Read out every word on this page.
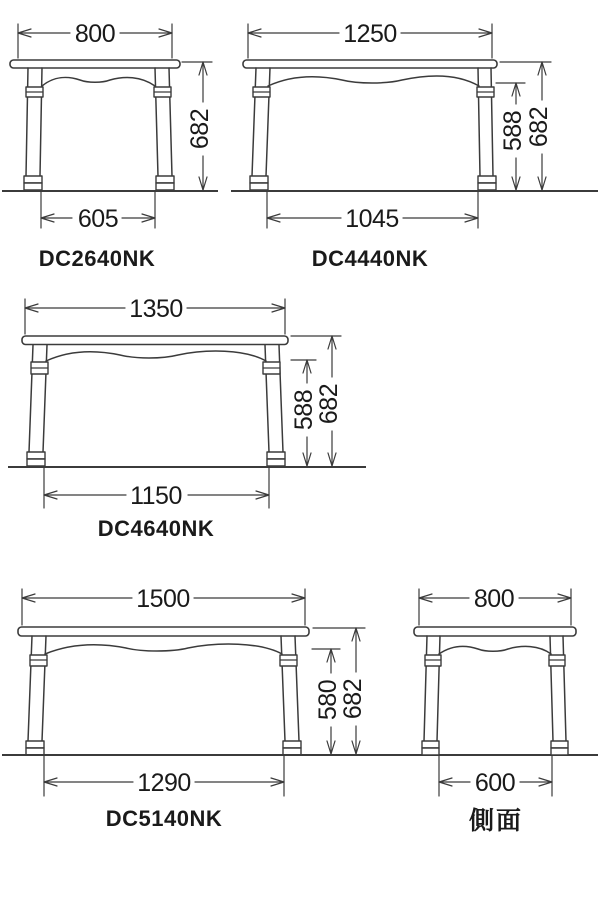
800
682
605
DC2640NK
1250
588
682
1045
DC4440NK
1350
588
682
1150
DC4640NK
1500
580
682
1290
DC5140NK
800
600
側面
